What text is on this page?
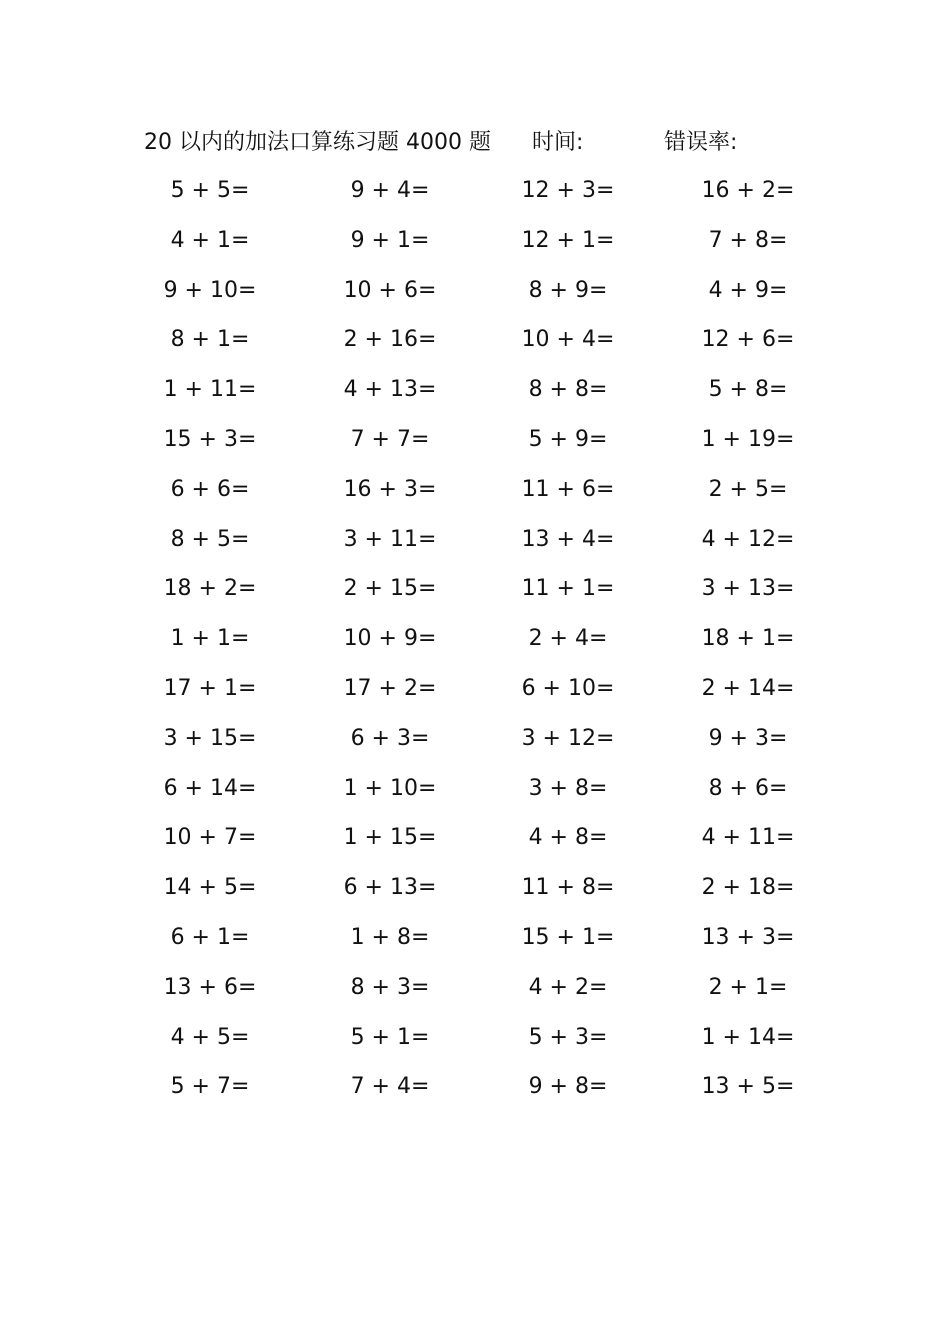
20 以内的加法口算练习题 4000 题 时间:	错误率:
5 + 5=	9 + 4=	12 + 3=	16 + 2=
4 + 1=	9 + 1=	12 + 1=	7 + 8=
9 + 10=	10 + 6=	8 + 9=	4 + 9=
8 + 1=	2 + 16=	10 + 4=	12 + 6=
1 + 11=	4 + 13=	8 + 8=	5 + 8=
15 + 3=	7 + 7=	5 + 9=	1 + 19=
6 + 6=	16 + 3=	11 + 6=	2 + 5=
8 + 5=	3 + 11=	13 + 4=	4 + 12=
18 + 2=	2 + 15=	11 + 1=	3 + 13=
1 + 1=	10 + 9=	2 + 4=	18 + 1=
17 + 1=	17 + 2=	6 + 10=	2 + 14=
3 + 15=	6 + 3=	3 + 12=	9 + 3=
6 + 14=	1 + 10=	3 + 8=	8 + 6=
10 + 7=	1 + 15=	4 + 8=	4 + 11=
14 + 5=	6 + 13=	11 + 8=	2 + 18=
6 + 1=	1 + 8=	15 + 1=	13 + 3=
13 + 6=	8 + 3=	4 + 2=	2 + 1=
4 + 5=	5 + 1=	5 + 3=	1 + 14=
5 + 7=	7 + 4=	9 + 8=	13 + 5=
